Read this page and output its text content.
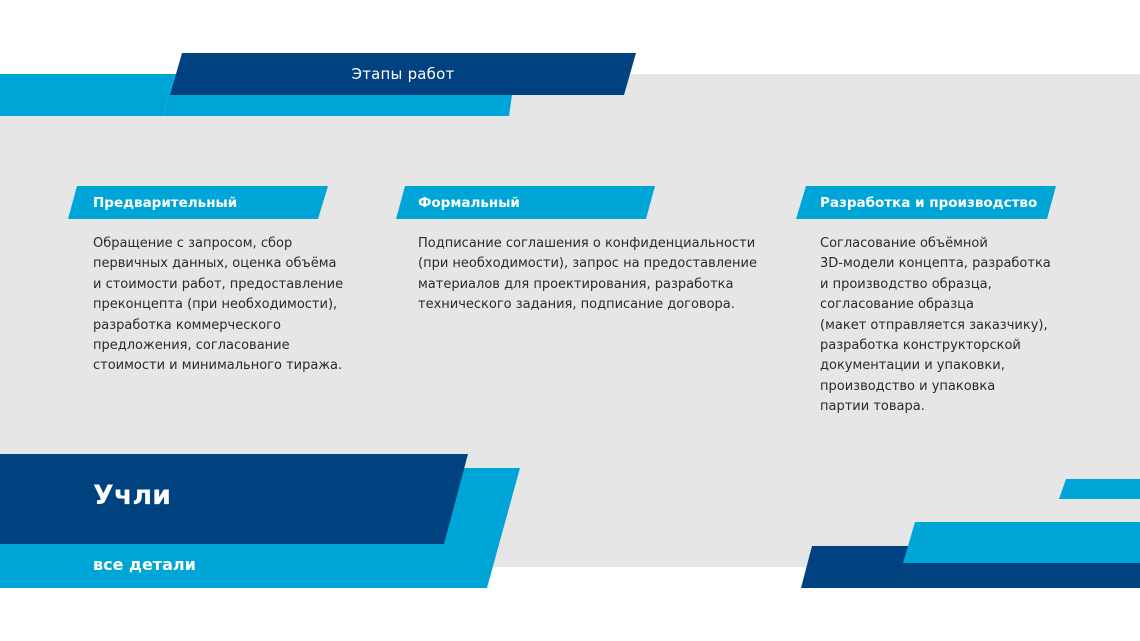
Этапы работ
Предварительный
Обращение с запросом, сбор
первичных данных, оценка объёма
и стоимости работ, предоставление
преконцепта (при необходимости),
разработка коммерческого
предложения, согласование
стоимости и минимального тиража.
Формальный
Подписание соглашения о конфиденциальности
(при необходимости), запрос на предоставление
материалов для проектирования, разработка
технического задания, подписание договора.
Разработка и производство
Согласование объёмной
3D-модели концепта, разработка
и производство образца,
согласование образца
(макет отправляется заказчику),
разработка конструкторской
документации и упаковки,
производство и упаковка
партии товара.
Учли
все детали
